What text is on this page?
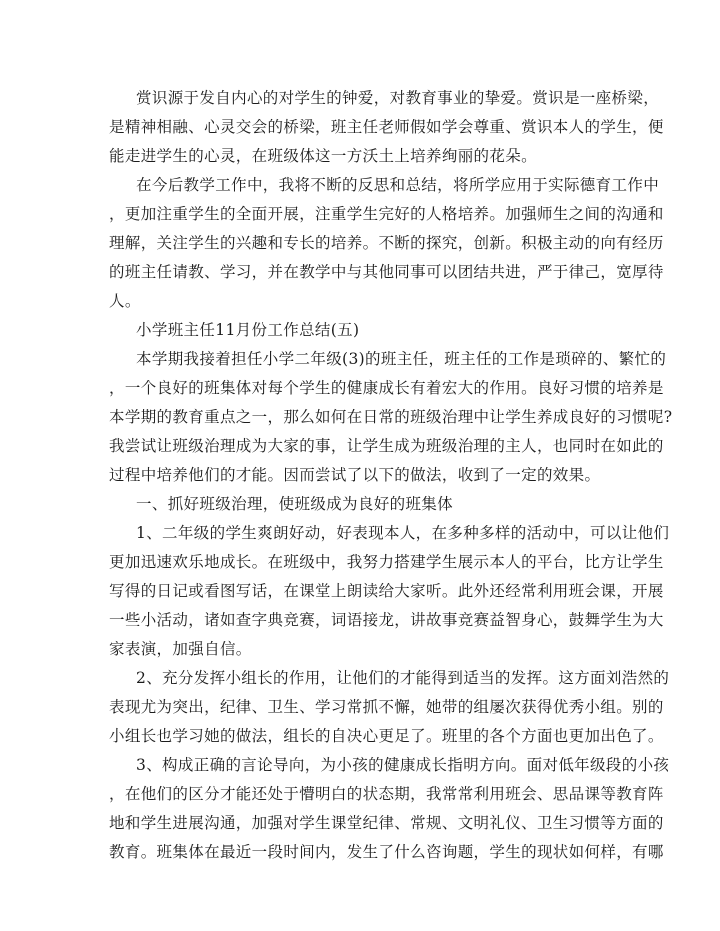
赏识源于发自内心的对学生的钟爱，对教育事业的挚爱。赏识是一座桥梁，
是精神相融、心灵交会的桥梁，班主任老师假如学会尊重、赏识本人的学生，便
能走进学生的心灵，在班级体这一方沃土上培养绚丽的花朵。
在今后教学工作中，我将不断的反思和总结，将所学应用于实际德育工作中
，更加注重学生的全面开展，注重学生完好的人格培养。加强师生之间的沟通和
理解，关注学生的兴趣和专长的培养。不断的探究，创新。积极主动的向有经历
的班主任请教、学习，并在教学中与其他同事可以团结共进，严于律己，宽厚待
人。
小学班主任11月份工作总结(五)
本学期我接着担任小学二年级(3)的班主任，班主任的工作是琐碎的、繁忙的
，一个良好的班集体对每个学生的健康成长有着宏大的作用。良好习惯的培养是
本学期的教育重点之一，那么如何在日常的班级治理中让学生养成良好的习惯呢?
我尝试让班级治理成为大家的事，让学生成为班级治理的主人，也同时在如此的
过程中培养他们的才能。因而尝试了以下的做法，收到了一定的效果。
一、抓好班级治理，使班级成为良好的班集体
1、二年级的学生爽朗好动，好表现本人，在多种多样的活动中，可以让他们
更加迅速欢乐地成长。在班级中，我努力搭建学生展示本人的平台，比方让学生
写得的日记或看图写话，在课堂上朗读给大家听。此外还经常利用班会课，开展
一些小活动，诸如查字典竞赛，词语接龙，讲故事竞赛益智身心，鼓舞学生为大
家表演，加强自信。
2、充分发挥小组长的作用，让他们的才能得到适当的发挥。这方面刘浩然的
表现尤为突出，纪律、卫生、学习常抓不懈，她带的组屡次获得优秀小组。别的
小组长也学习她的做法，组长的自决心更足了。班里的各个方面也更加出色了。
3、构成正确的言论导向，为小孩的健康成长指明方向。面对低年级段的小孩
，在他们的区分才能还处于懵明白的状态期，我常常利用班会、思品课等教育阵
地和学生进展沟通，加强对学生课堂纪律、常规、文明礼仪、卫生习惯等方面的
教育。班集体在最近一段时间内，发生了什么咨询题，学生的现状如何样，有哪
